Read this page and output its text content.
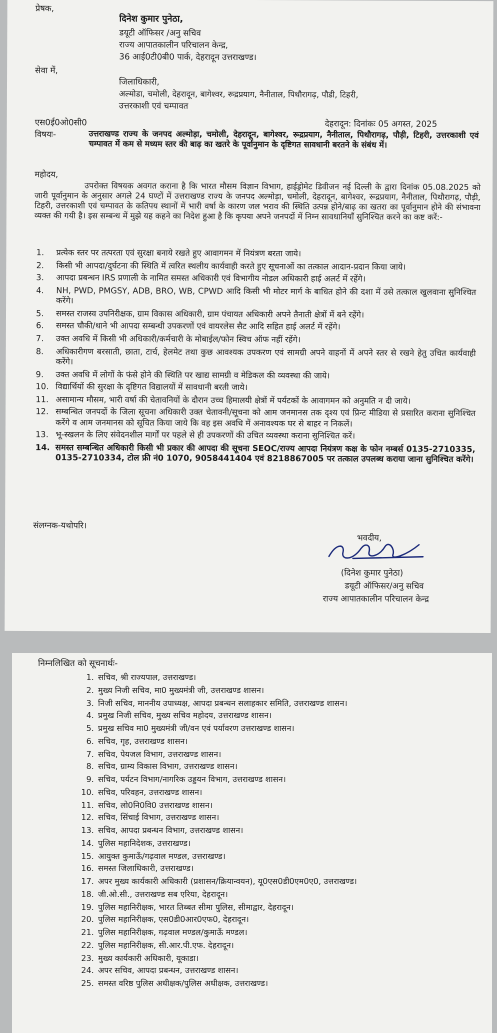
प्रेषक,
दिनेश कुमार पुनेठा,
डयूटी ऑफिसर /अनु सचिव
राज्य आपातकालीन परिचालन केन्द्र,
36 आई0टी0बी0 पार्क, देहरादून उत्तराखण्ड।
सेवा में,
जिलाधिकारी,
अल्मोडा, चमोली, देहरादून, बागेश्वर, रूद्रप्रयाग, नैनीताल, पिथौरागढ़, पौडी, टिहरी,
उत्तरकाशी एवं चम्पावत
एस0ई0ओ0सी0	देहरादून: दिनांकः 05 अगस्त, 2025
विषयः-	उत्तराखण्ड राज्य के जनपद अल्मोड़ा, चमोली, देहरादून, बागेश्वर, रूद्रप्रयाग, नैनीताल, पिथौरागढ़, पौड़ी, टिहरी, उत्तरकाशी एवं चम्पावत में कम से मध्यम स्तर की बाढ़ का खतरे के पूर्वानुमान के दृष्टिगत सावधानी बरतने के संबंध में।
महोदय,
उपरोक्त विषयक अवगत कराना है कि भारत मौसम विज्ञान विभाग, हाईड्रोमेट डिवीजन नई दिल्ली के द्वारा दिनांक 05.08.2025 को जारी पूर्वानुमान के अनुसार अगले 24 घण्टों में उत्तराखण्ड राज्य के जनपद अल्मोड़ा, चमोली, देहरादून, बागेश्वर, रूद्रप्रयाग, नैनीताल, पिथौरागढ़, पौड़ी, टिहरी, उत्तरकाशी एवं चम्पावत के कतिपय स्थानों में भारी वर्षा के कारण जल भराव की स्थिति उत्पन्न होने/बाढ़ का खतरा का पूर्वानुमान होने की संभावना व्यक्त की गयी है। इस सम्बन्ध में मुझे यह कहने का निदेश हुआ है कि कृपया अपने जनपदों में निम्न सावधानियाँ सुनिश्चित करने का कष्ट करें:-
1. प्रत्येक स्तर पर तत्परता एवं सुरक्षा बनाये रखते हुए आवागमन में नियंत्रण बरता जाये।
2. किसी भी आपदा/दुर्घटना की स्थिति में त्वरित स्थलीय कार्यवाही करते हुए सूचनाओं का तत्काल आदान-प्रदान किया जाये।
3. आपदा प्रबन्धन IRS प्रणाली के नामित समस्त अधिकारी एवं विभागीय नोडल अधिकारी हाई अलर्ट में रहेंगे।
4. NH, PWD, PMGSY, ADB, BRO, WB, CPWD आदि किसी भी मोटर मार्ग के बाधित होने की दशा में उसे तत्काल खुलवाना सुनिश्चित करेंगे।
5. समस्त राजस्व उपनिरीक्षक, ग्राम विकास अधिकारी, ग्राम पंचायत अधिकारी अपने तैनाती क्षेत्रों में बने रहेंगे।
6. समस्त चौकी/थाने भी आपदा सम्बन्धी उपकरणों एवं वायरलेस सैट आदि सहित हाई अलर्ट में रहेंगे।
7. उक्त अवधि में किसी भी अधिकारी/कर्मचारी के मोबाईल/फोन स्विच ऑफ नहीं रहेंगे।
8. अधिकारीगण बरसाती, छाता, टार्च, हेलमेट तथा कुछ आवश्यक उपकरण एवं सामग्री अपने वाहनों में अपने स्तर से रखने हेतु उचित कार्यवाही करेंगे।
9. उक्त अवधि में लोगों के फंसे होने की स्थिति पर खाद्य सामग्री व मेडिकल की व्यवस्था की जाये।
10. विद्यार्थियों की सुरक्षा के दृष्टिगत विद्यालयों में सावधानी बरती जाये।
11. असामान्य मौसम, भारी वर्षा की चेतावनियों के दौरान उच्च हिमालयी क्षेत्रों में पर्यटकों के आवागमन को अनुमति न दी जाये।
12. सम्बन्धित जनपदों के जिला सूचना अधिकारी उक्त चेतावनी/सूचना को आम जनमानस तक दृश्य एवं प्रिन्ट मीडिया से प्रसारित कराना सुनिश्चित करेंगे व आम जनमानस को सूचित किया जाये कि वह इस अवधि में अनावश्यक घर से बाहर न निकलें।
13. भू-स्खलन के लिए संवेदनशील मार्गों पर पहले से ही उपकरणों की उचित व्यवस्था कराना सुनिश्चित करें।
14. समस्त सम्बन्धित अधिकारी किसी भी प्रकार की आपदा की सूचना SEOC/राज्य आपदा नियंत्रण कक्ष के फोन नम्बर्स 0135-2710335, 0135-2710334, टोल फ्री नं0 1070, 9058441404 एवं 8218867005 पर तत्काल उपलब्ध कराया जाना सुनिश्चित करेंगे।
संलग्नक-यथोपरि।
भवदीय,
(दिनेश कुमार पुनेठा)
डयूटी ऑफिसर/अनु सचिव
राज्य आपातकालीन परिचालन केन्द्र
निम्नलिखित को सूचनार्थः-
1. सचिव, श्री राज्यपाल, उत्तराखण्ड।
2. मुख्य निजी सचिव, मा0 मुख्यमंत्री जी, उत्तराखण्ड शासन।
3. निजी सचिव, माननीय उपाध्यक्ष, आपदा प्रबन्धन सलाहकार समिति, उत्तराखण्ड शासन।
4. प्रमुख निजी सचिव, मुख्य सचिव महोदय, उत्तराखण्ड शासन।
5. प्रमुख सचिव मा0 मुख्यमंत्री जी/वन एवं पर्यावरण उत्तराखण्ड शासन।
6. सचिव, गृह, उत्तराखण्ड शासन।
7. सचिव, पेयजल विभाग, उत्तराखण्ड शासन।
8. सचिव, ग्राम्य विकास विभाग, उत्तराखण्ड शासन।
9. सचिव, पर्यटन विभाग/नागरिक उड्डयन विभाग, उत्तराखण्ड शासन।
10. सचिव, परिवहन, उत्तराखण्ड शासन।
11. सचिव, लो0नि0वि0 उत्तराखण्ड शासन।
12. सचिव, सिंचाई विभाग, उत्तराखण्ड शासन।
13. सचिव, आपदा प्रबन्धन विभाग, उत्तराखण्ड शासन।
14. पुलिस महानिदेशक, उत्तराखण्ड।
15. आयुक्त कुमाऊँ/गढ़वाल मण्डल, उत्तराखण्ड।
16. समस्त जिलाधिकारी, उत्तराखण्ड।
17. अपर मुख्य कार्यकारी अधिकारी (प्रशासन/क्रियान्वयन), यू0एस0डी0एम0ए0, उत्तराखण्ड।
18. जी.ओ.सी., उत्तराखण्ड सब एरिया, देहरादून।
19. पुलिस महानिरीक्षक, भारत तिब्बत सीमा पुलिस, सीमाद्वार, देहरादून।
20. पुलिस महानिरीक्षक, एस0डी0आर0एफ0, देहरादून।
21. पुलिस महानिरीक्षक, गढ़वाल मण्डल/कुमाऊँ मण्डल।
22. पुलिस महानिरीक्षक, सी.आर.पी.एफ. देहरादून।
23. मुख्य कार्यकारी अधिकारी, यूकाडा।
24. अपर सचिव, आपदा प्रबन्धन, उत्तराखण्ड शासन।
25. समस्त वरिष्ठ पुलिस अधीक्षक/पुलिस अधीक्षक, उत्तराखण्ड।
